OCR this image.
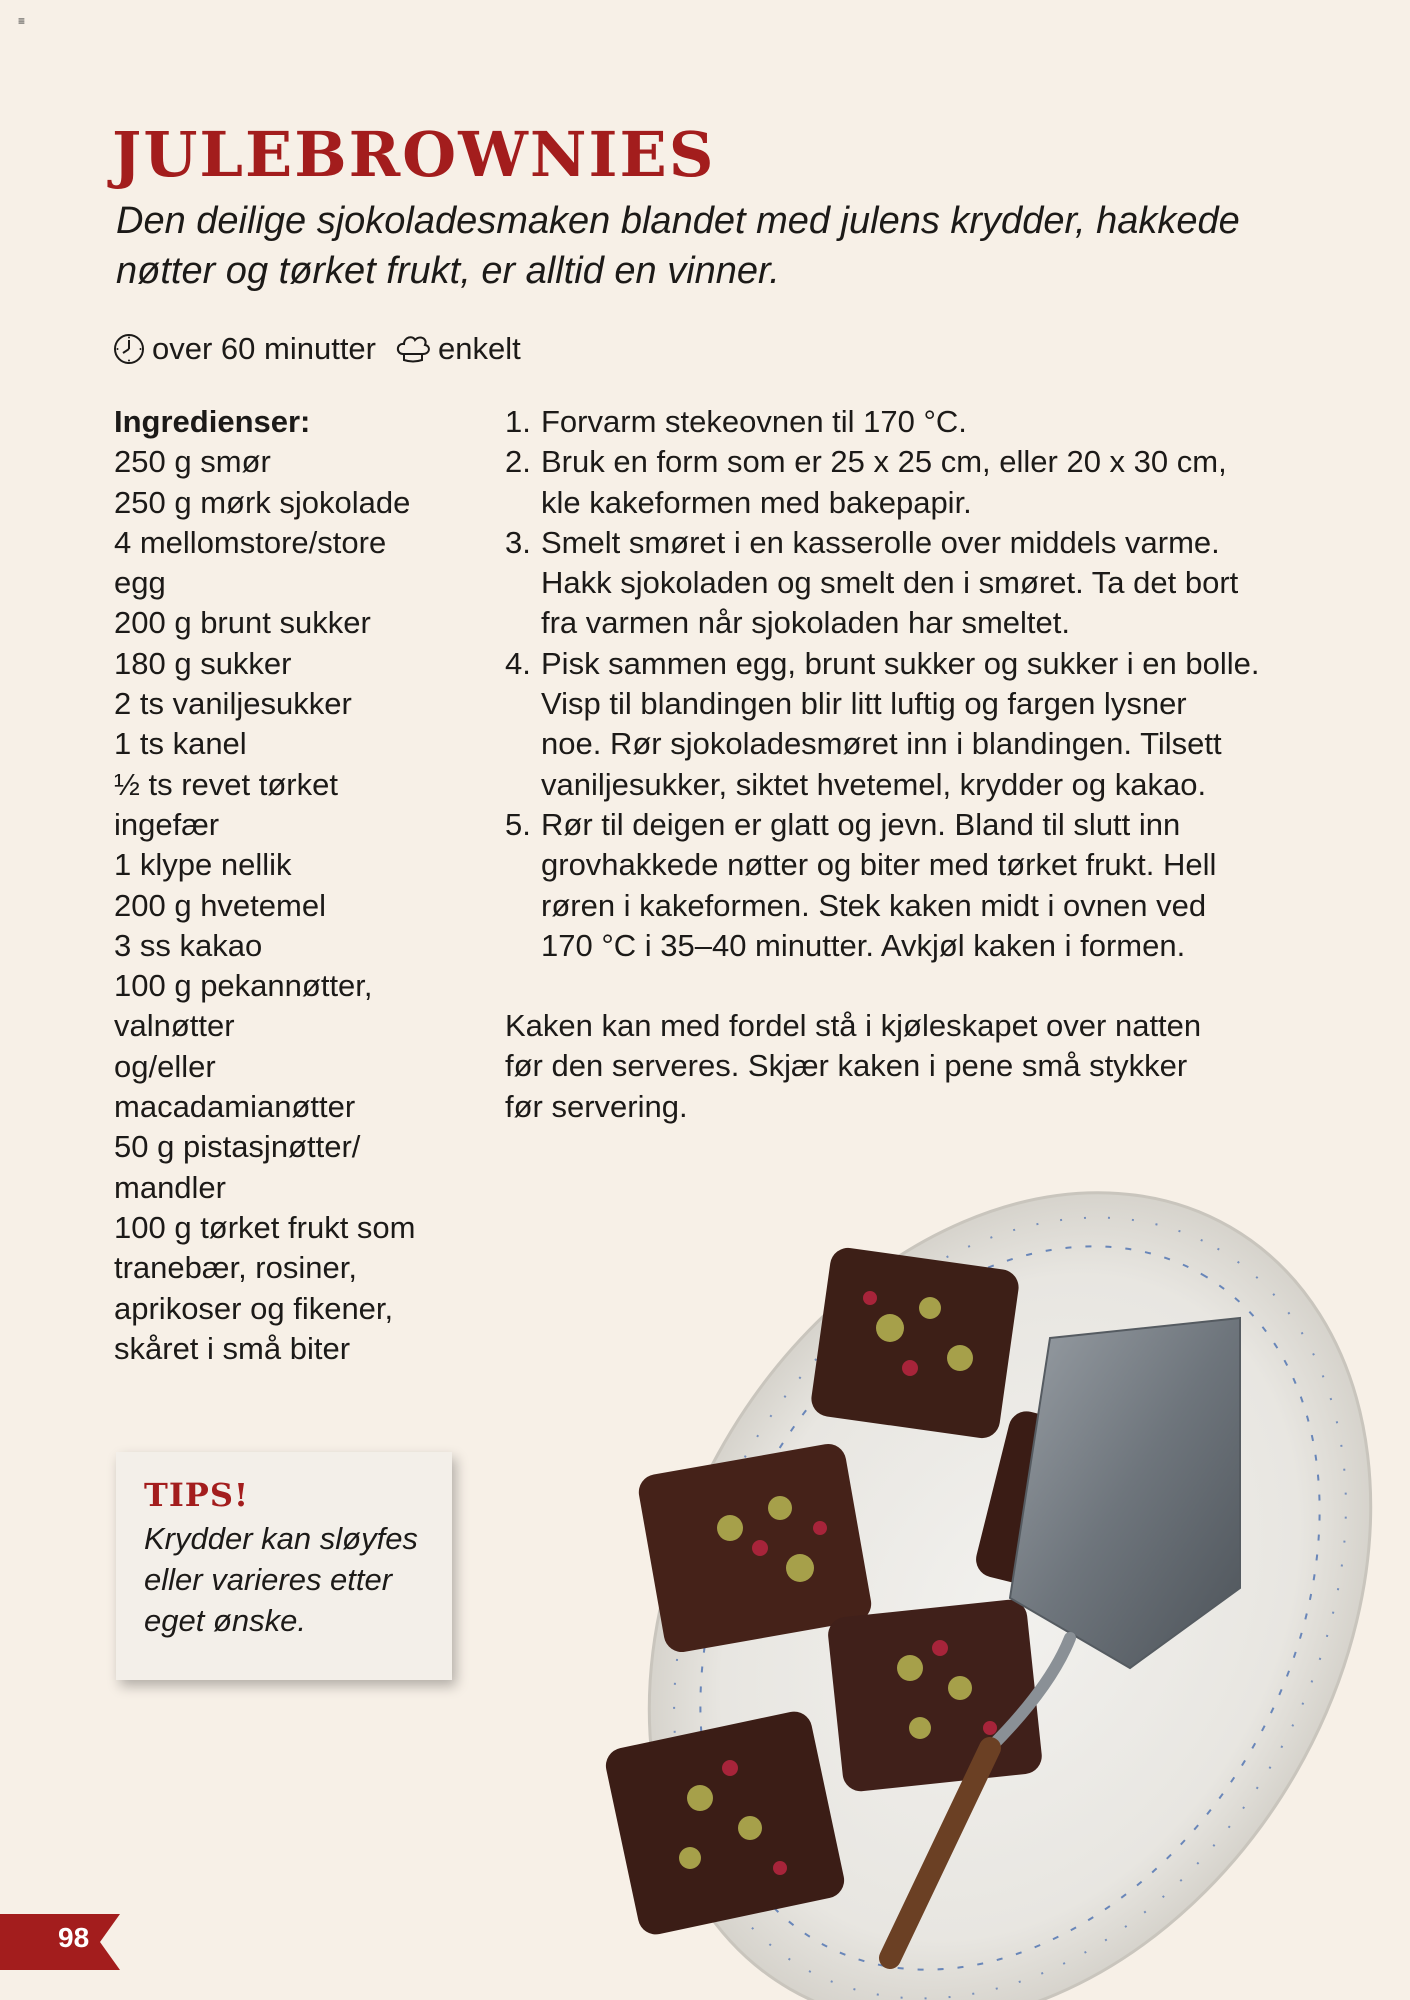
≡
JULEBROWNIES

Den deilige sjokoladesmaken blandet med julens krydder, hakkede
nøtter og tørket frukt, er alltid en vinner.

over 60 minutter enkelt
Ingredienser:
250 g smør
250 g mørk sjokolade
4 mellomstore/store
egg
200 g brunt sukker
180 g sukker
2 ts vaniljesukker
1 ts kanel
½ ts revet tørket
ingefær
1 klype nellik
200 g hvetemel
3 ss kakao
100 g pekannøtter,
valnøtter
og/eller
macadamianøtter
50 g pistasjnøtter/
mandler
100 g tørket frukt som
tranebær, rosiner,
aprikoser og fikener,
skåret i små biter
1. Forvarm stekeovnen til 170 °C.
2. Bruk en form som er 25 x 25 cm, eller 20 x 30 cm,
kle kakeformen med bakepapir.
3. Smelt smøret i en kasserolle over middels varme.
Hakk sjokoladen og smelt den i smøret. Ta det bort
fra varmen når sjokoladen har smeltet.
4. Pisk sammen egg, brunt sukker og sukker i en bolle.
Visp til blandingen blir litt luftig og fargen lysner
noe. Rør sjokoladesmøret inn i blandingen. Tilsett
vaniljesukker, siktet hvetemel, krydder og kakao.
5. Rør til deigen er glatt og jevn. Bland til slutt inn
grovhakkede nøtter og biter med tørket frukt. Hell
røren i kakeformen. Stek kaken midt i ovnen ved
170 °C i 35–40 minutter. Avkjøl kaken i formen.

Kaken kan med fordel stå i kjøleskapet over natten
før den serveres. Skjær kaken i pene små stykker
før servering.

TIPS!
Krydder kan sløyfes
eller varieres etter
eget ønske.
98
